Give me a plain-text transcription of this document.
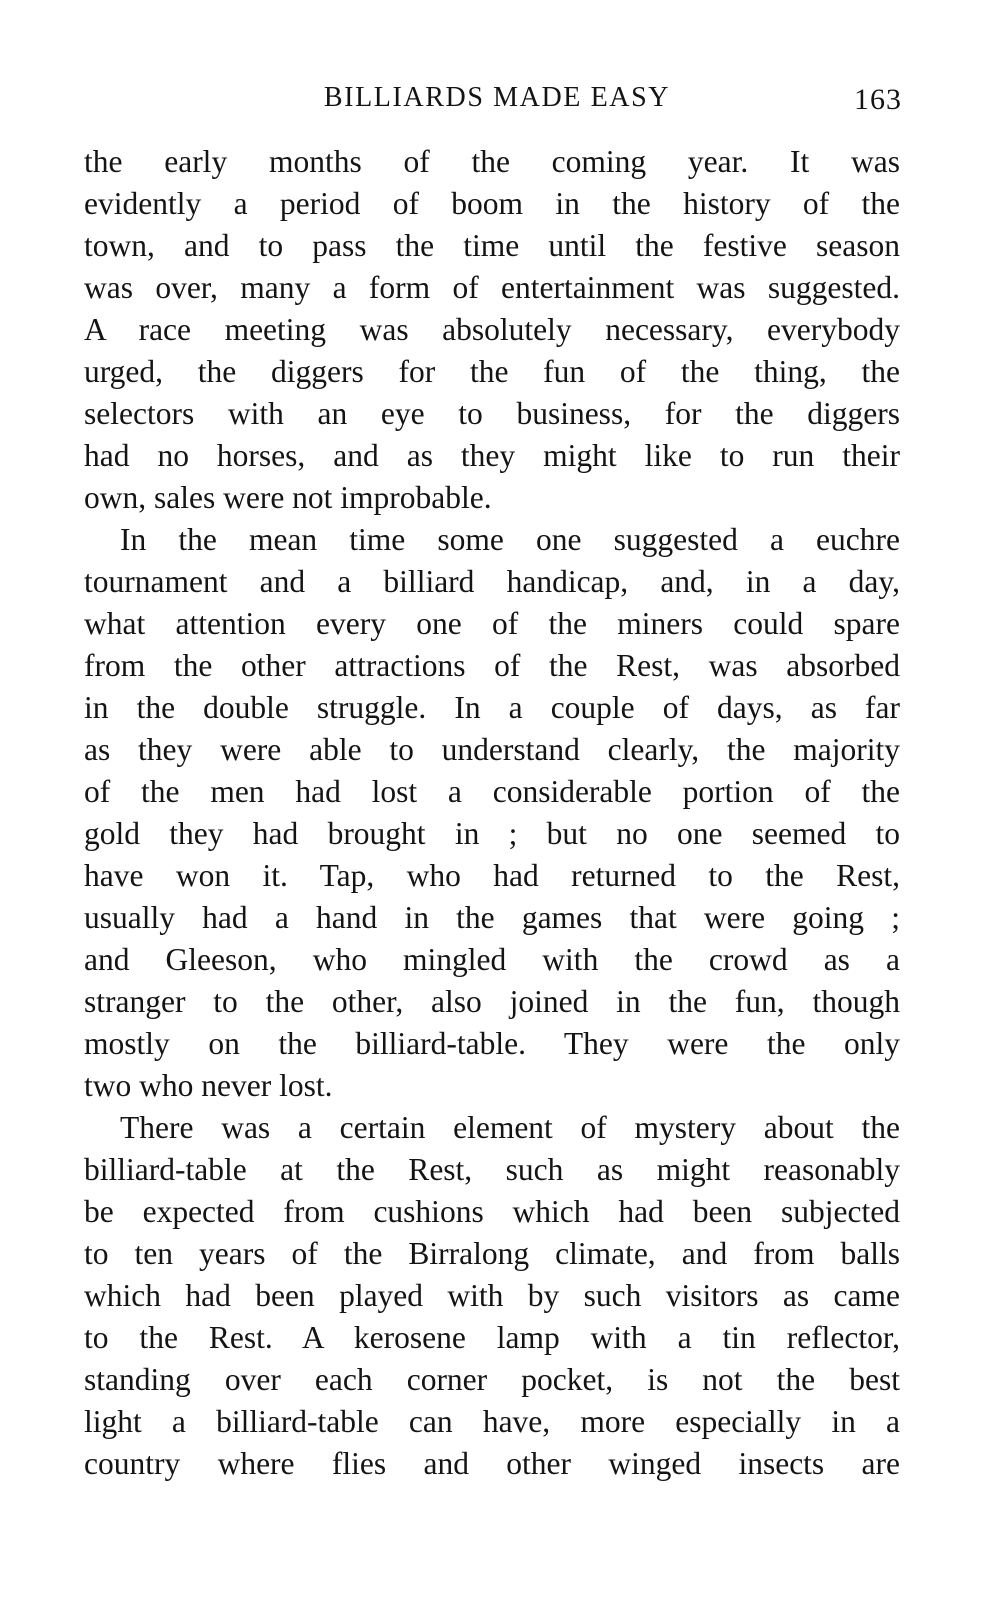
BILLIARDS MADE EASY	163
the early months of the coming year. It was
evidently a period of boom in the history of the
town, and to pass the time until the festive season
was over, many a form of entertainment was suggested.
A race meeting was absolutely necessary, everybody
urged, the diggers for the fun of the thing, the
selectors with an eye to business, for the diggers
had no horses, and as they might like to run their
own, sales were not improbable.
In the mean time some one suggested a euchre
tournament and a billiard handicap, and, in a day,
what attention every one of the miners could spare
from the other attractions of the Rest, was absorbed
in the double struggle. In a couple of days, as far
as they were able to understand clearly, the majority
of the men had lost a considerable portion of the
gold they had brought in ; but no one seemed to
have won it. Tap, who had returned to the Rest,
usually had a hand in the games that were going ;
and Gleeson, who mingled with the crowd as a
stranger to the other, also joined in the fun, though
mostly on the billiard-table. They were the only
two who never lost.
There was a certain element of mystery about the
billiard-table at the Rest, such as might reasonably
be expected from cushions which had been subjected
to ten years of the Birralong climate, and from balls
which had been played with by such visitors as came
to the Rest. A kerosene lamp with a tin reflector,
standing over each corner pocket, is not the best
light a billiard-table can have, more especially in a
country where flies and other winged insects are
